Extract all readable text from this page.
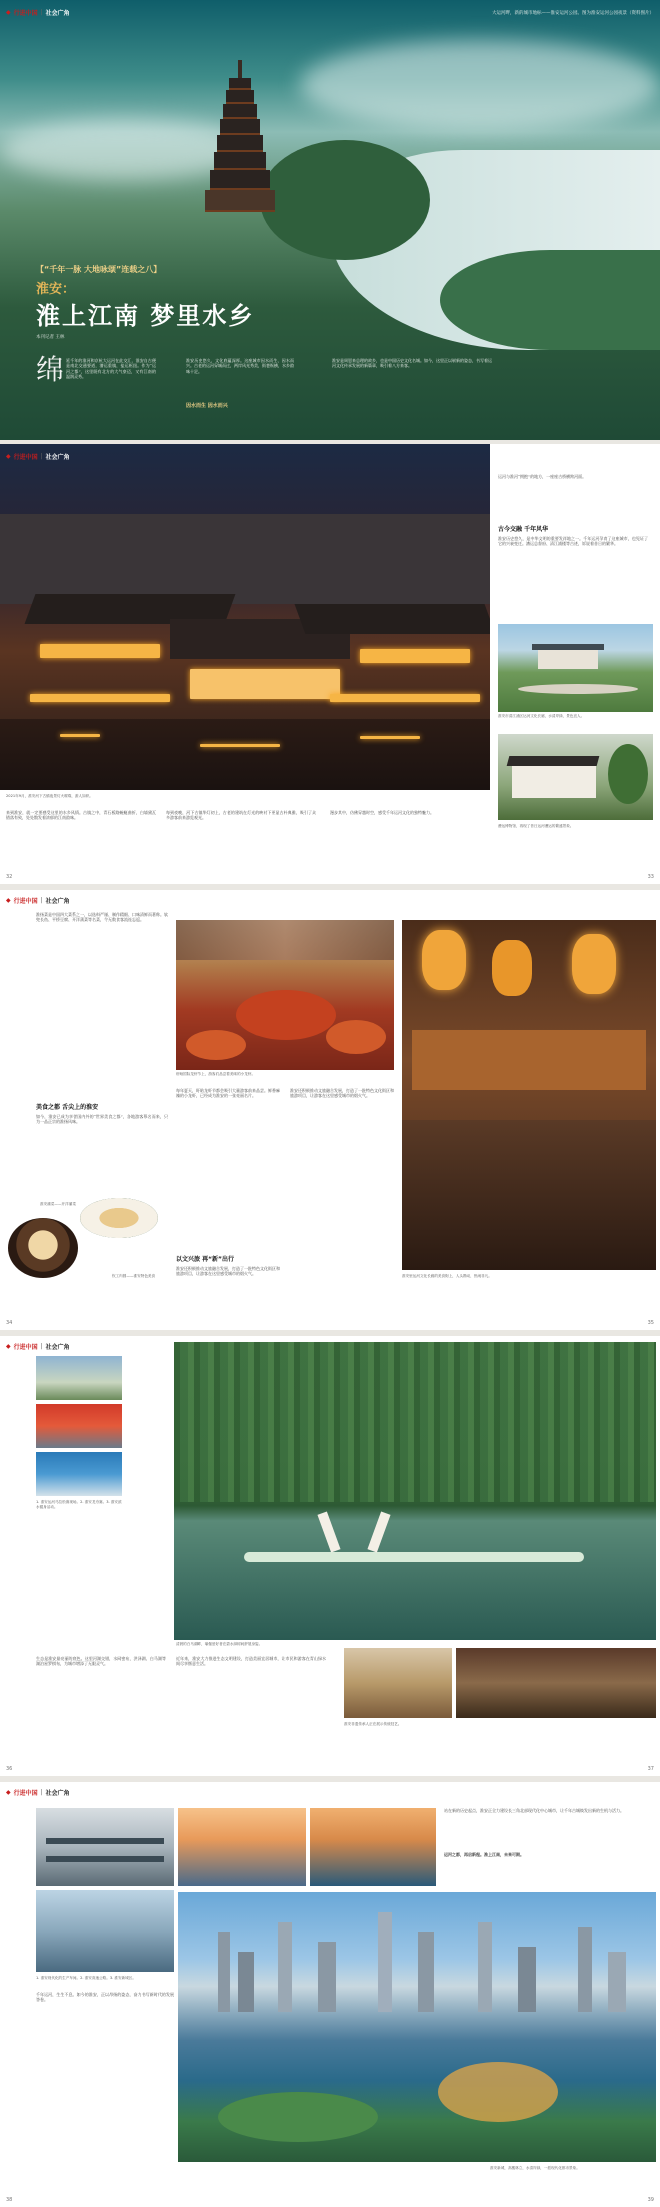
◆ 行进中国 | 社会广角	大运河畔，新的城市地标——淮安运河公园。图为淮安运河公园夜景（资料图片）
【“千年一脉 大地咏颂”连载之八】
淮安：
淮上江南 梦里水乡
本刊记者 王林
绵 延千年的淮河和京杭大运河在此交汇，淮安自古便是南北交通要道，漕运重镇，盐运枢纽。作为“运河之都”，这里既有北方的大气豪迈，又有江南的温润灵秀。
淮安历史悠久，文化底蕴深厚。这座城市因水而生、因水而兴。古老的运河穿城而过，两岸风光秀美，街巷纵横，水乡韵味十足。
因水而生 因水而兴
淮安是周恩来总理的故乡，也是中国历史文化名城。如今，这里正以崭新的姿态，书写着运河文化传承发展的新篇章，吸引着八方来客。
◆ 行进中国 | 社会广角
2021年9月，淮安河下古镇夜景灯火璀璨，游人如织。
来到淮安，就一定要感受这里的水乡风情。古镇之中，青石板路蜿蜒曲折，白墙黛瓦错落有致，处处散发着浓郁的江南韵味。
每到夜晚，河下古镇华灯初上，古老的建筑在灯光的映衬下更显古朴典雅，吸引了众多游客前来游览观光。
漫步其中，仿佛穿越时空，感受千年运河文化的独特魅力。
运河与淮河“拥抱”的地方，一座座古桥横跨河面。
古今交融 千年风华
淮安历史悠久，是中华文明的重要发祥地之一。千年运河孕育了这座城市，也见证了它的兴衰变迁。漕运总督府、清江浦楼等古迹，诉说着昔日的繁华。
淮安市清江浦区运河文化长廊，水清岸绿，景色宜人。
漕运博物馆，再现了昔日运河漕运的繁盛景象。
32	33
◆ 行进中国 | 社会广角
淮扬菜是中国四大菜系之一，以选料严谨、制作精细、口味清鲜而著称。软兜长鱼、平桥豆腐、开洋蒲菜等名菜，令无数食客流连忘返。
美食之都 舌尖上的淮安
如今，淮安已成为享誉国内外的“世界美食之都”，各地游客慕名而来，只为一品正宗的淮扬风味。
淮安蒲菜——开洋蒲菜
钦工肉圆——淮安特色美食
盱眙国际龙虾节上，游客们品尝着美味的小龙虾。
每年夏天，盱眙龙虾节都会吸引大量游客前来品尝。鲜香麻辣的小龙虾，已经成为淮安的一张亮丽名片。
以文兴旅 再“新”出行
淮安还积极推动文旅融合发展，打造了一批特色文化街区和旅游项目，让游客在这里感受城市的烟火气。
淮安还积极推动文旅融合发展，打造了一批特色文化街区和旅游项目，让游客在这里感受城市的烟火气。
淮安里运河文化长廊的美食街上，人头攒动，热闹非凡。
34	35
◆ 行进中国 | 社会广角
1. 淮安运河马拉松赛现场。2. 淮安龙舟赛。3. 淮安滨水健身活动。
清晨的白马湖畔，瑜伽爱好者在碧水绿树间舒展身姿。
生态是淮安最亮丽的底色。这里河湖交错，水网密布，洪泽湖、白马湖等湖泊星罗棋布，为城市增添了无限灵气。
近年来，淮安大力推进生态文明建设，打造美丽宜居城市，让市民和游客在青山绿水间尽享惬意生活。
淮安非遗传承人正在展示传统技艺。
36	37
◆ 行进中国 | 社会广角
1. 淮安现代化的生产车间。2. 淮安高速公路。3. 淮安新城区。
淮安新城，高楼林立，水清岸绿，一派现代化都市景象。
千年运河，生生不息。如今的淮安，正以昂扬的姿态，奋力书写新时代的发展答卷。
站在新的历史起点，淮安正全力建设长三角北部现代化中心城市，让千年古城焕发出新的生机与活力。
运河之都，再启新程。淮上江南，未来可期。
38	39
